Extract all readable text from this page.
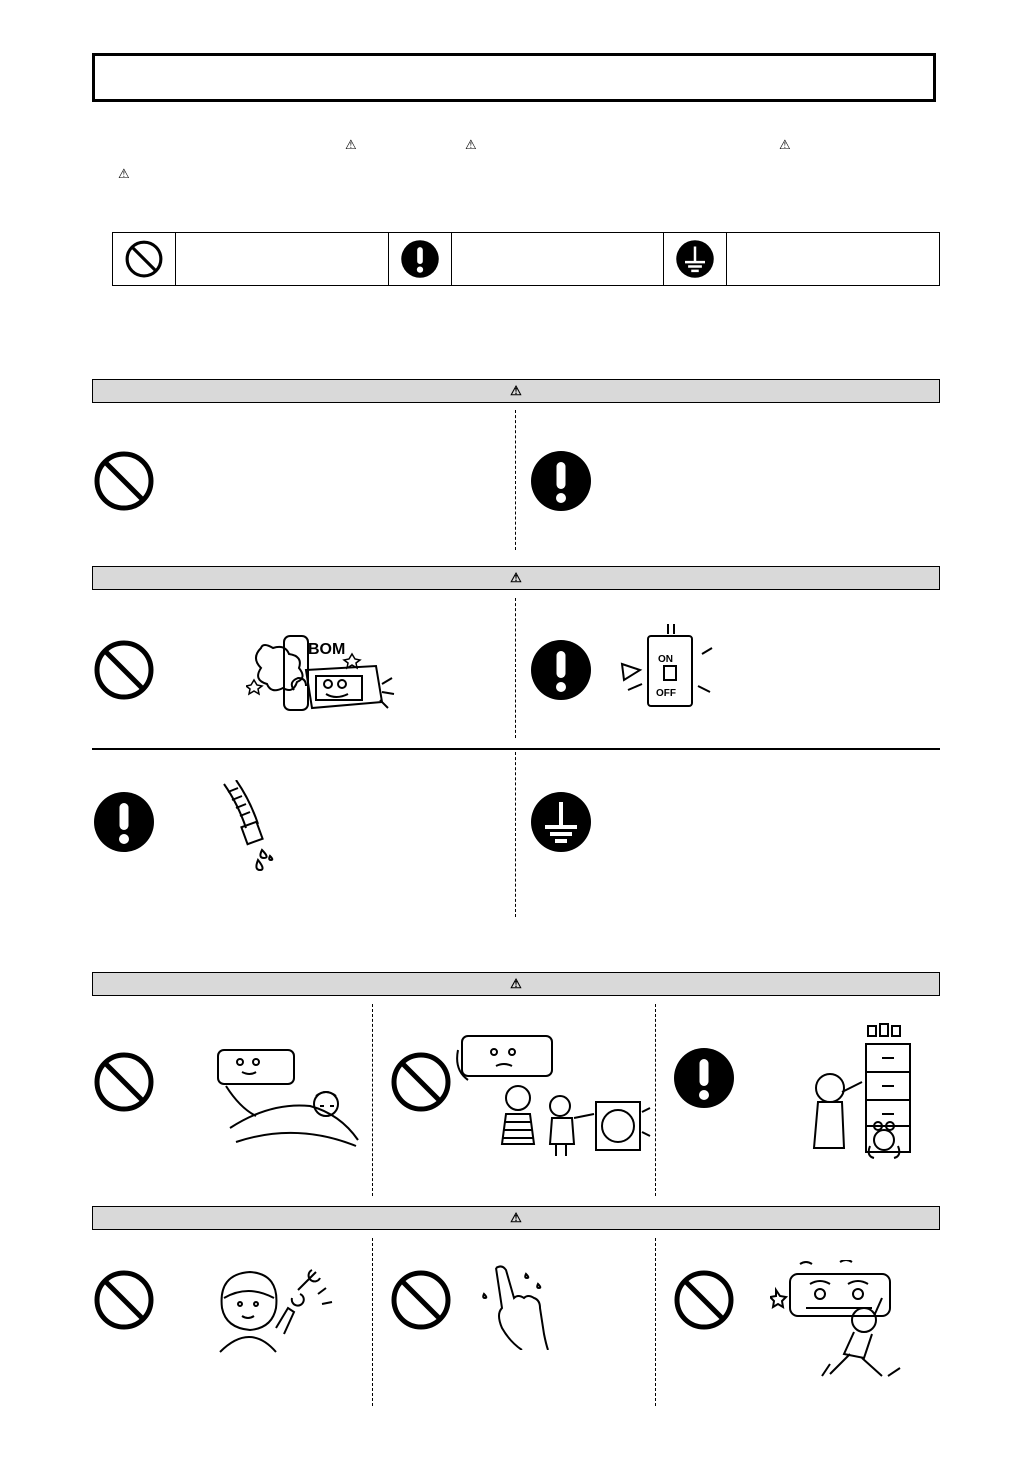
⚠	⚠	⚠
⚠
⚠
⚠
BOM
ON
OFF
⚠
⚠
